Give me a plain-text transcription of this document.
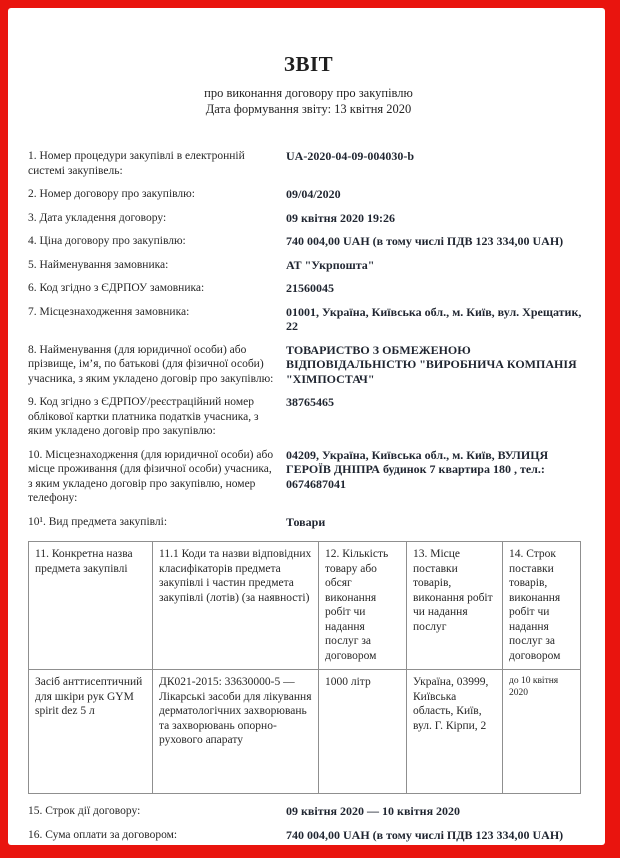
ЗВІТ
про виконання договору про закупівлю
Дата формування звіту: 13 квітня 2020
1. Номер процедури закупівлі в електронній системі закупівель:
UA-2020-04-09-004030-b
2. Номер договору про закупівлю:	09/04/2020
3. Дата укладення договору:	09 квітня 2020 19:26
4. Ціна договору про закупівлю:	740 004,00 UAH (в тому числі ПДВ 123 334,00 UAH)
5. Найменування замовника:	АТ "Укрпошта"
6. Код згідно з ЄДРПОУ замовника:	21560045
7. Місцезнаходження замовника:	01001, Україна, Київська обл., м. Київ, вул. Хрещатик, 22
8. Найменування (для юридичної особи) або прізвище, ім’я, по батькові (для фізичної особи) учасника, з яким укладено договір про закупівлю:
ТОВАРИСТВО З ОБМЕЖЕНОЮ ВІДПОВІДАЛЬНІСТЮ "ВИРОБНИЧА КОМПАНІЯ "ХІМПОСТАЧ"
9. Код згідно з ЄДРПОУ/реєстраційний номер облікової картки платника податків учасника, з яким укладено договір про закупівлю:
38765465
10. Місцезнаходження (для юридичної особи) або місце проживання (для фізичної особи) учасника, з яким укладено договір про закупівлю, номер телефону:
04209, Україна, Київська обл., м. Київ, ВУЛИЦЯ ГЕРОЇВ ДНІПРА будинок 7 квартира 180 , тел.: 0674687041
10¹. Вид предмета закупівлі:	Товари
11. Конкретна назва предмета закупівлі	11.1 Коди та назви відповідних класифікаторів предмета закупівлі і частин предмета закупівлі (лотів) (за наявності)	12. Кількість товару або обсяг виконання робіт чи надання послуг за договором	13. Місце поставки товарів, виконання робіт чи надання послуг	14. Строк поставки товарів, виконання робіт чи надання послуг за договором
Засіб анттисептичний для шкіри рук GYM spirit dez 5 л	ДК021-2015: 33630000-5 — Лікарські засоби для лікування дерматологічних захворювань та захворювань опорно-рухового апарату	1000 літр	Україна, 03999, Київська область, Київ, вул. Г. Кірпи, 2	до 10 квітня 2020
15. Строк дії договору:	09 квітня 2020 — 10 квітня 2020
16. Сума оплати за договором:	740 004,00 UAH (в тому числі ПДВ 123 334,00 UAH)
